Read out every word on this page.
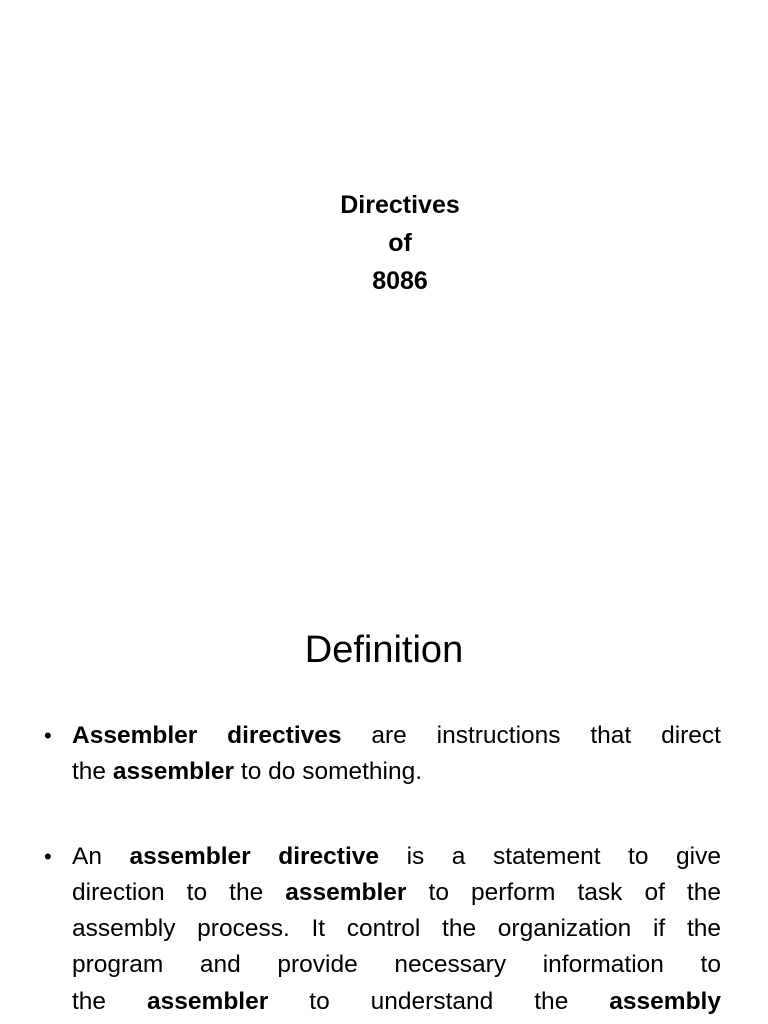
Directives
of
8086
Definition
• Assembler directives are instructions that direct
the assembler to do something.
• An assembler directive is a statement to give
direction to the assembler to perform task of the
assembly process. It control the organization if the
program and provide necessary information to
the assembler to understand the assembly
